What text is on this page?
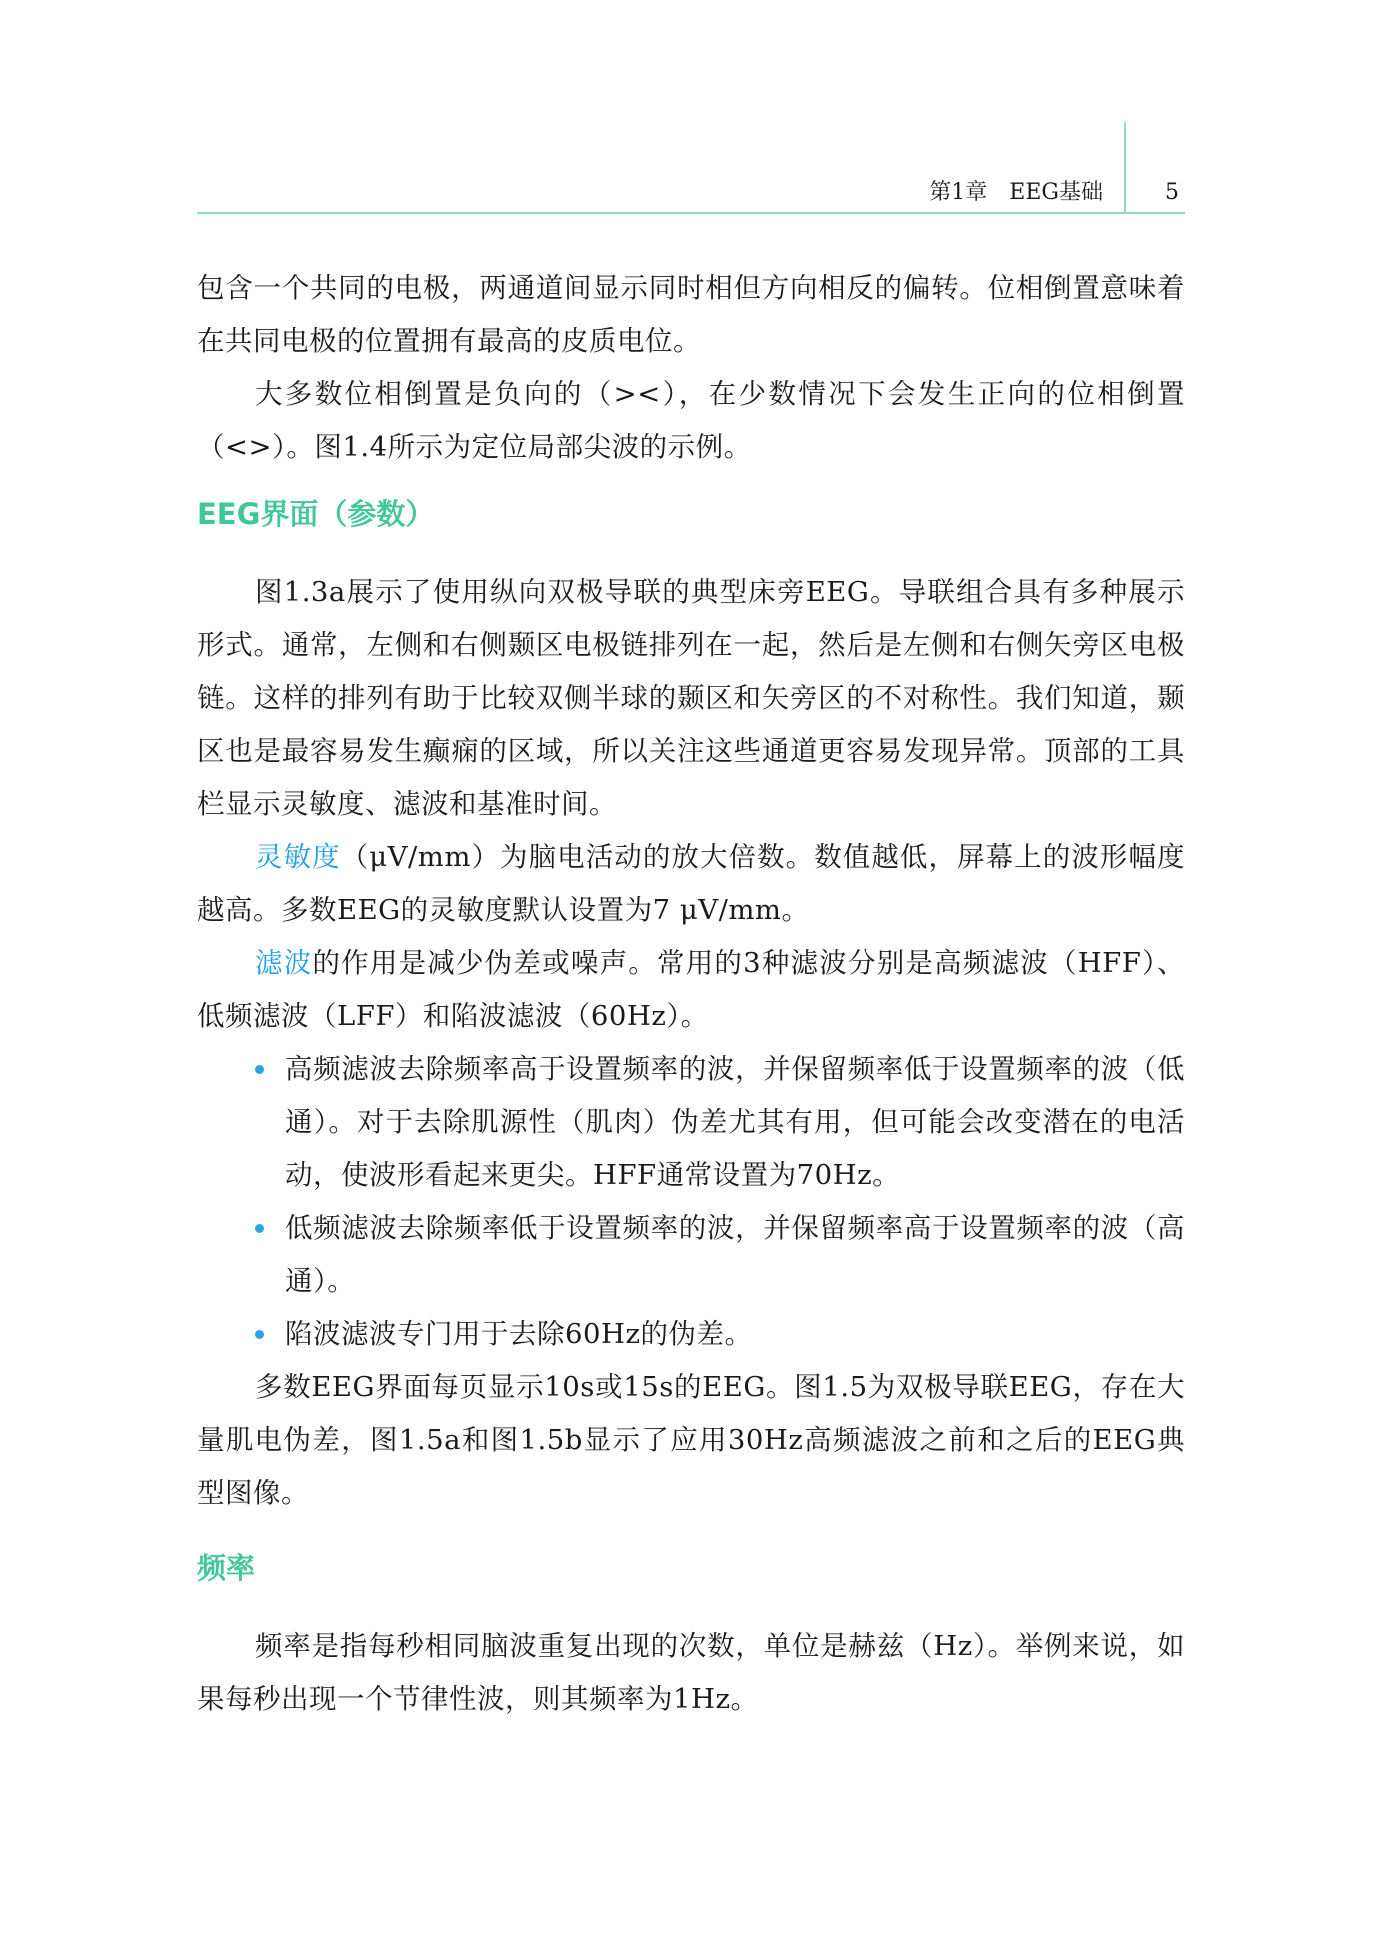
第1章　EEG基础	5

包含一个共同的电极，两通道间显示同时相但方向相反的偏转。位相倒置意味着在共同电极的位置拥有最高的皮质电位。

大多数位相倒置是负向的（><），在少数情况下会发生正向的位相倒置（<>）。图1.4所示为定位局部尖波的示例。

EEG界面（参数）

图1.3a展示了使用纵向双极导联的典型床旁EEG。导联组合具有多种展示形式。通常，左侧和右侧颞区电极链排列在一起，然后是左侧和右侧矢旁区电极链。这样的排列有助于比较双侧半球的颞区和矢旁区的不对称性。我们知道，颞区也是最容易发生癫痫的区域，所以关注这些通道更容易发现异常。顶部的工具栏显示灵敏度、滤波和基准时间。

灵敏度（μV/mm）为脑电活动的放大倍数。数值越低，屏幕上的波形幅度越高。多数EEG的灵敏度默认设置为7 μV/mm。

滤波的作用是减少伪差或噪声。常用的3种滤波分别是高频滤波（HFF）、低频滤波（LFF）和陷波滤波（60Hz）。

高频滤波去除频率高于设置频率的波，并保留频率低于设置频率的波（低通）。对于去除肌源性（肌肉）伪差尤其有用，但可能会改变潜在的电活动，使波形看起来更尖。HFF通常设置为70Hz。
低频滤波去除频率低于设置频率的波，并保留频率高于设置频率的波（高通）。
陷波滤波专门用于去除60Hz的伪差。

多数EEG界面每页显示10s或15s的EEG。图1.5为双极导联EEG，存在大量肌电伪差，图1.5a和图1.5b显示了应用30Hz高频滤波之前和之后的EEG典型图像。

频率

频率是指每秒相同脑波重复出现的次数，单位是赫兹（Hz）。举例来说，如果每秒出现一个节律性波，则其频率为1Hz。
